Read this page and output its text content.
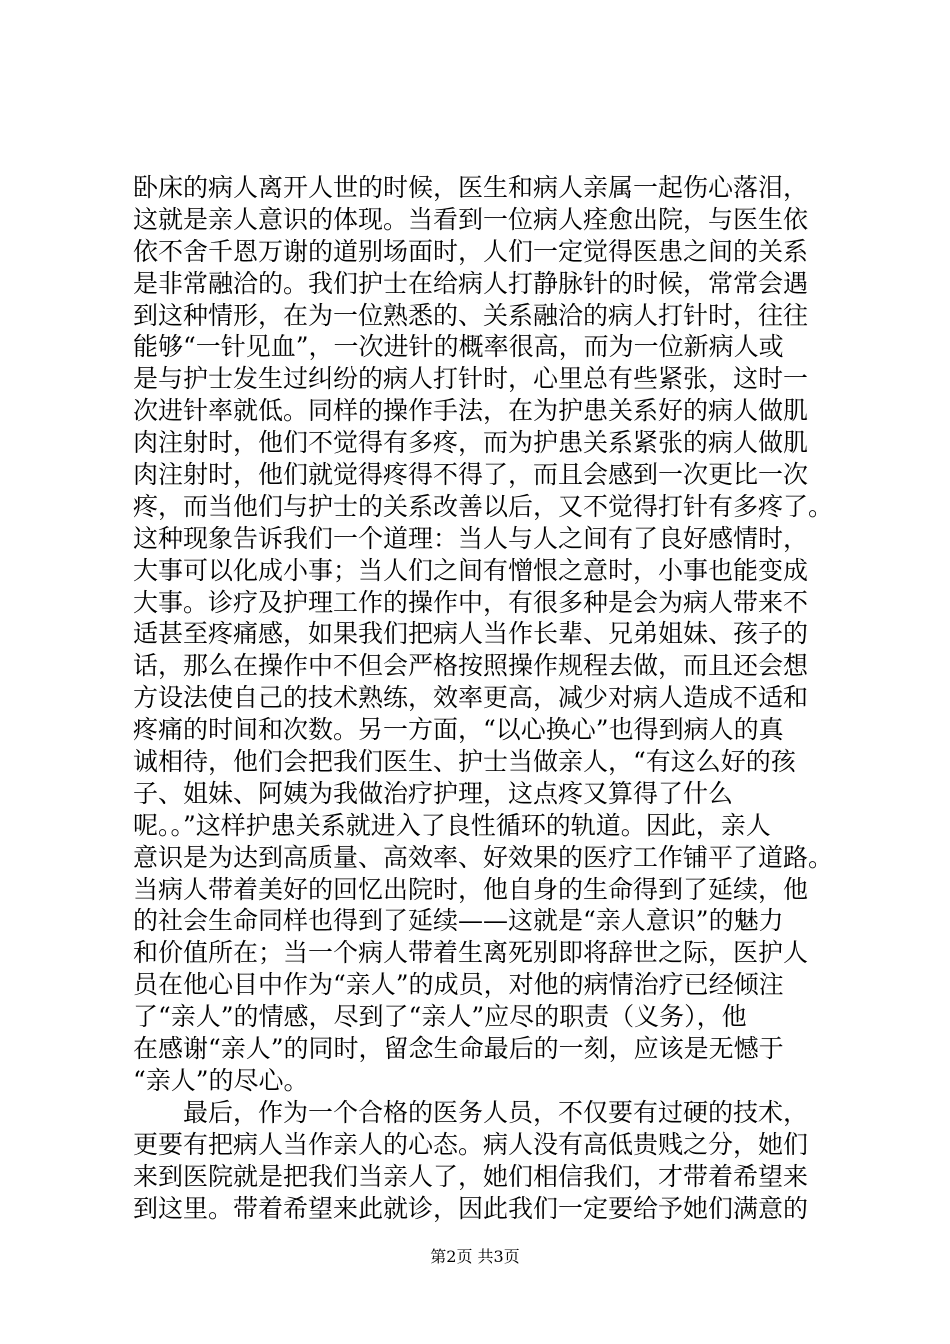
卧床的病人离开人世的时候，医生和病人亲属一起伤心落泪，
这就是亲人意识的体现。当看到一位病人痊愈出院，与医生依
依不舍千恩万谢的道别场面时，人们一定觉得医患之间的关系
是非常融洽的。我们护士在给病人打静脉针的时候，常常会遇
到这种情形，在为一位熟悉的、关系融洽的病人打针时，往往
能够“一针见血”，一次进针的概率很高，而为一位新病人或
是与护士发生过纠纷的病人打针时，心里总有些紧张，这时一
次进针率就低。同样的操作手法，在为护患关系好的病人做肌
肉注射时，他们不觉得有多疼，而为护患关系紧张的病人做肌
肉注射时，他们就觉得疼得不得了，而且会感到一次更比一次
疼，而当他们与护士的关系改善以后，又不觉得打针有多疼了。
这种现象告诉我们一个道理：当人与人之间有了良好感情时，
大事可以化成小事；当人们之间有憎恨之意时，小事也能变成
大事。诊疗及护理工作的操作中，有很多种是会为病人带来不
适甚至疼痛感，如果我们把病人当作长辈、兄弟姐妹、孩子的
话，那么在操作中不但会严格按照操作规程去做，而且还会想
方设法使自己的技术熟练，效率更高，减少对病人造成不适和
疼痛的时间和次数。另一方面，“以心换心”也得到病人的真
诚相待，他们会把我们医生、护士当做亲人，“有这么好的孩
子、姐妹、阿姨为我做治疗护理，这点疼又算得了什么
呢。。”这样护患关系就进入了良性循环的轨道。因此，亲人
意识是为达到高质量、高效率、好效果的医疗工作铺平了道路。
当病人带着美好的回忆出院时，他自身的生命得到了延续，他
的社会生命同样也得到了延续——这就是“亲人意识”的魅力
和价值所在；当一个病人带着生离死别即将辞世之际，医护人
员在他心目中作为“亲人”的成员，对他的病情治疗已经倾注
了“亲人”的情感，尽到了“亲人”应尽的职责（义务），他
在感谢“亲人”的同时，留念生命最后的一刻，应该是无憾于
“亲人”的尽心。
　　最后，作为一个合格的医务人员，不仅要有过硬的技术，
更要有把病人当作亲人的心态。病人没有高低贵贱之分，她们
来到医院就是把我们当亲人了，她们相信我们，才带着希望来
到这里。带着希望来此就诊，因此我们一定要给予她们满意的
第2页 共3页
